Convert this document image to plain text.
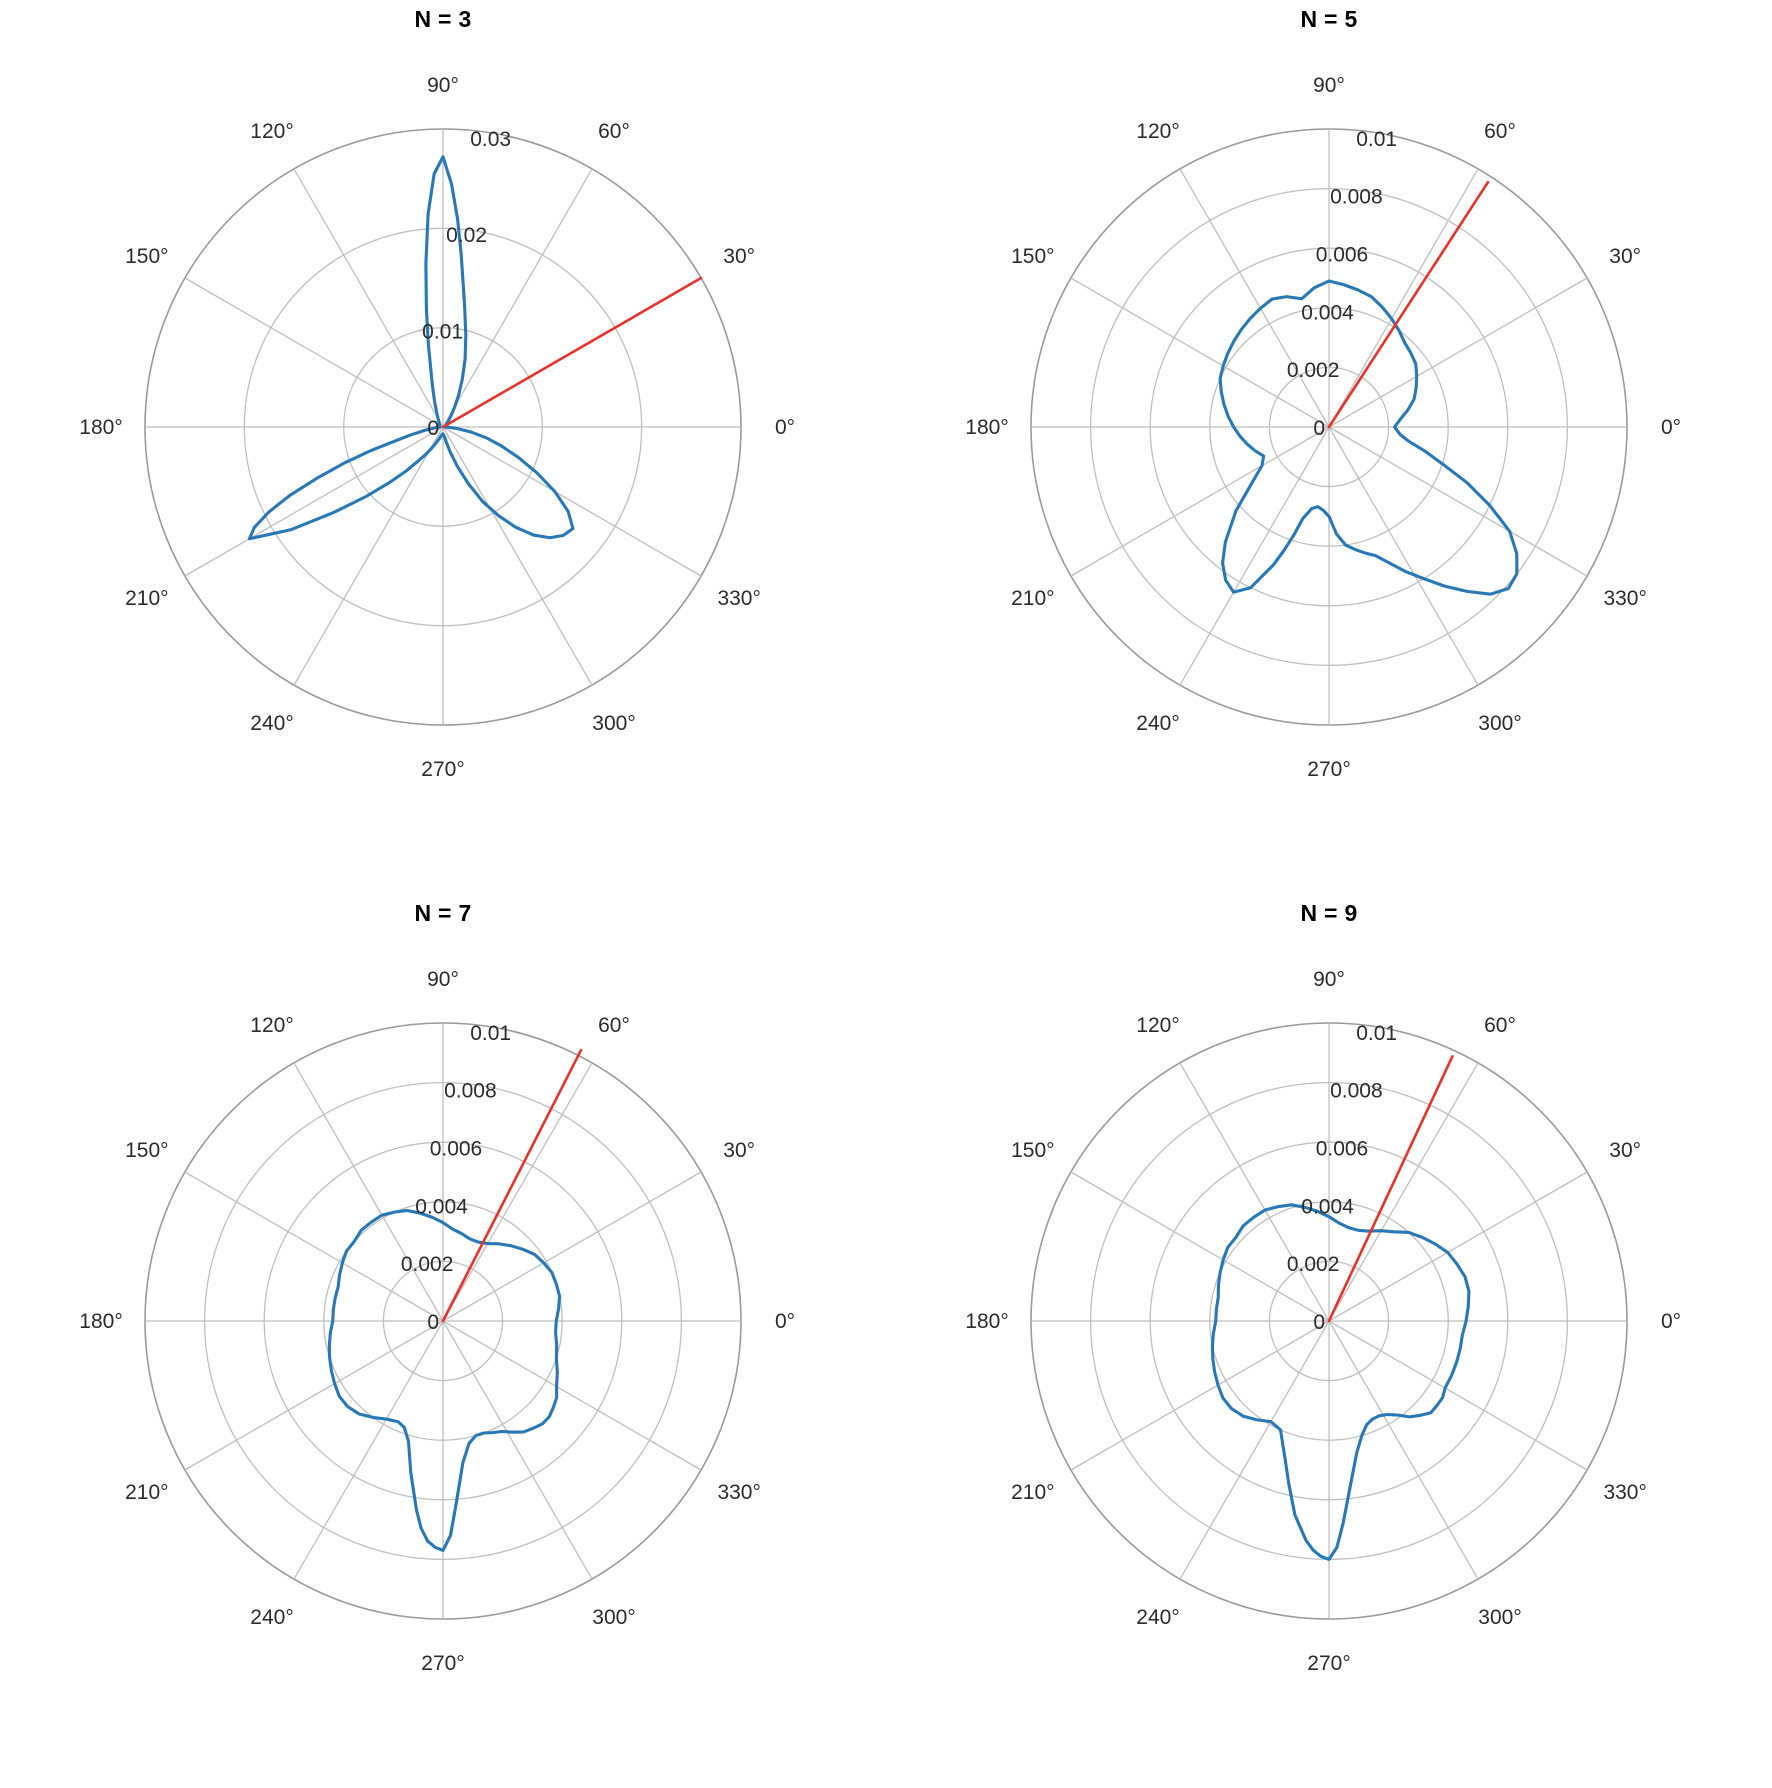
N = 3
0°
30°
60°
90°
120°
150°
180°
210°
240°
270°
300°
330°
0
0.01
0.02
0.03
N = 5
0°
30°
60°
90°
120°
150°
180°
210°
240°
270°
300°
330°
0
0.002
0.004
0.006
0.008
0.01
N = 7
0°
30°
60°
90°
120°
150°
180°
210°
240°
270°
300°
330°
0
0.002
0.004
0.006
0.008
0.01
N = 9
0°
30°
60°
90°
120°
150°
180°
210°
240°
270°
300°
330°
0
0.002
0.004
0.006
0.008
0.01
